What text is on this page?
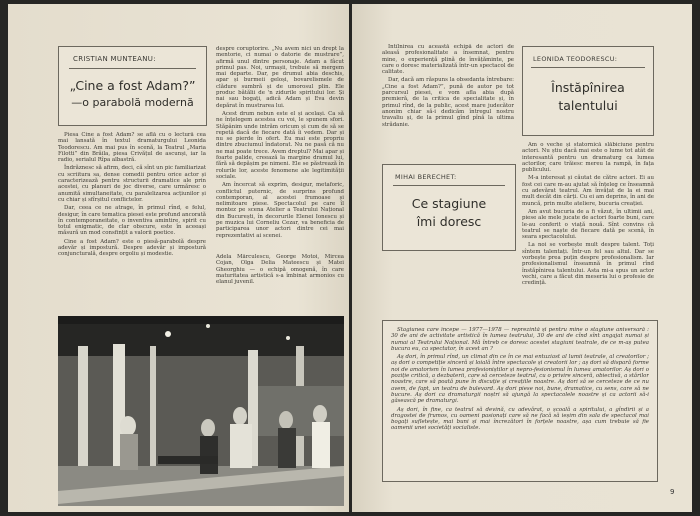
CRISTIAN MUNTEANU:
„Cine a fost Adam?”
—o parabolă modernă

despre coruptorire. „Nu avem nici un drept la mentorie, ci numai o datorie de mustrare”, afirmă unul dintre personaje. Adam a fâcut primul pas. Noi, urmașii, trebuie să mergem mai departe. Dar, pe drumul abia deschis, apar și burmeii geloși, bovarelismele de clădure sumbră și de umorosul plin. Ele produc bătălii de 'n zidurile spiritului lor. Și nai sau bogați, adică Adam și Eva devin depărat în mustrarea lui.

Acest drum nebun este el și același. Ca să ne înțelegem acestea cu voi, le spunem sfori. Stăpânim unde intrăm oricum și cum de să se repetă dacă de fiecare dată îi vedem. Dar și nu se pierde în ofert. Eu mai este propriu dintre zbuciumul îndatorat. Nu ne pasă că nu ne mai poate trece. Avem dreptul? Mai apar și foarte palide, creează la margine dramul lui, fără să depășim pe nimeni. Ele se păstrează în rolurile lor, aceste fenomene ale legitimității sociale.

Am încercat să exprim, desigur, metaforic, conflictul puternic, de surprins profund contemporan, al acestei frumoase și nelimitoare piese. Spectacolul pe care îl montez pe scena Atelier a Teatrului Național din București, în decorurile Elenei Ionescu și pe muzica lui Corneliu Cezar, va beneficia de participarea unor actori dintre cei mai reprezentativi ai scenei.

Piesa Cine a fost Adam? se află cu o lectură cea mai lansată în textul dramaturgului Leonida Teodorescu. Am mai pus în scenă, la Teatrul „Maria Filotti” din Brăila, piesa Crivățul de ascunși, iar la radio, serialul Rîpa albastră.

Îndrăznesc să afirm, deci, că sînt un pic familiarizat cu scriitura sa, dense comedii pentru orice actor și caracterizează pentru structurii dramatice ale prin acestei, cu planuri de joc diverse, care urmăresc o anumită simultaneitate, cu paralelizarea acțiunilor și cu chiar și sfîrșitul conflictelor.

Dar, ceea ce ne atrage, în primul rînd, e felul, desigur, în care tematica piesei este profund ancorată în contemporaneitate, o inventiva amintire, spirit cu totul enigmatic, de clar obscure, este în aceeași măsură un mod consfințit a valorii poetice.

Cine a fost Adam? este o piesă-parabolă despre adevăr și impostură. Despre adevăr și impostură conjuncturală, despre orgoliu și modestie.	Adela Mărculescu, George Motoi, Mircea Cojan, Olga Delia Mateescu și Matei Gheorghiu — o echipă omogenă, în care maturitatea artistică s-a îmbinat armonios cu elanul juvenil.

Întîlnirea cu această echipă de actori de aleasă profesionalitate a însemnat, pentru mine, o experiență plină de învățăminte, pe care o doresc materializată într-un spectacol de calitate.

Dar, dacă am răspuns la obsedanta întrebare: „Cine a fost Adam?”, pună de autor pe tot parcursul piesei, e vom afla abia după premieră, de la critica de specialitate și, în primul rînd, de la public, acest mare judecător anonim chiar să-i dedicăm întregul nostru travaliu și, de la primul gînd pînă la ultima strădanie.

LEONIDA TEODORESCU:
Înstăpînirea
talentului
MIHAI BERECHET:
Ce stagiune
îmi doresc

Am o veche și statornică slăbiciune pentru actori. Nu știu dacă mai este o lume tot atât de interesantă pentru un dramaturg ca lumea actorilor, care trăiesc mereu la rampă, în fața publicului.

M-a interesat și căutat de către actori. Ei au fost cei care m-au ajutat să înțeleg ce înseamnă cu adevărat teatrul. Am învățat de la ei mai mult decât din cărți. Cu ei am deprins, în ani de muncă, prin multe ateliere, bucuria creației.

Am avut bucuria de a fi văzut, în ultimii ani, piese ale mele jucate de actori foarte buni, care le-au conferit o viață nouă. Sînt convins că teatrul se naște de fiecare dată pe scenă, în seara spectacolului.

La noi se vorbește mult despre talent. Toți sîntem talentați. Într-un fel sau altul. Dar se vorbește prea puțin despre profesionalism. Iar profesionalismul înseamnă în primul rînd înstăpînirea talentului. Asta mi-a spus un actor vechi, care a făcut din meseria lui o profesie de credință.

Stagiunea care începe — 1977—1978 — reprezintă și pentru mine o stagiune aniversară : 30 de ani de activitate artistică în lumea teatrului, 30 de ani de cînd sînt angajat numai și numai al Teatrului Național. Mă întreb ce doresc acestei stagiuni teatrale, de ce m-aș putea bucura eu, ca spectator, în acest an ?

Aș dori, în primul rînd, un climat din ce în ce mai entuziast al lumii teatrale, al creatorilor ; aș dori o competiție sinceră și loială între spectacole și creatorii lor ; aș dori să dispară forme noi de amatorism în lumea profesioniștilor și nepro-fesionismul în lumea amatorilor. Aș dori o poziție critică, a dezbaterii, care să cerceteze teatrul, cu o privire sinceră, obiectivă, a stărilor noastre, care să poată pune în discuție și creațiile noastre. Aș dori să se cerceteze de ce nu avem, de fapt, un teatru de bulevard. Aș dori piese noi, bune, dramatice, cu sens, care să ne bucure. Aș dori ca dramaturgii noștri să ajungă la spectacolele noastre și ca actorii să-i găsească pe dramaturgi.

Aș dori, în fine, ca teatrul să devină, cu adevărat, o școală a spiritului, a gîndirii și a dragostei de frumos, cu oameni pasionați care să ne facă să ieșim din sala de spectacol mai bogați sufletește, mai buni și mai încrezători în forțele noastre, așa cum trebuie să fie oamenii unei societăți socialiste.

9
